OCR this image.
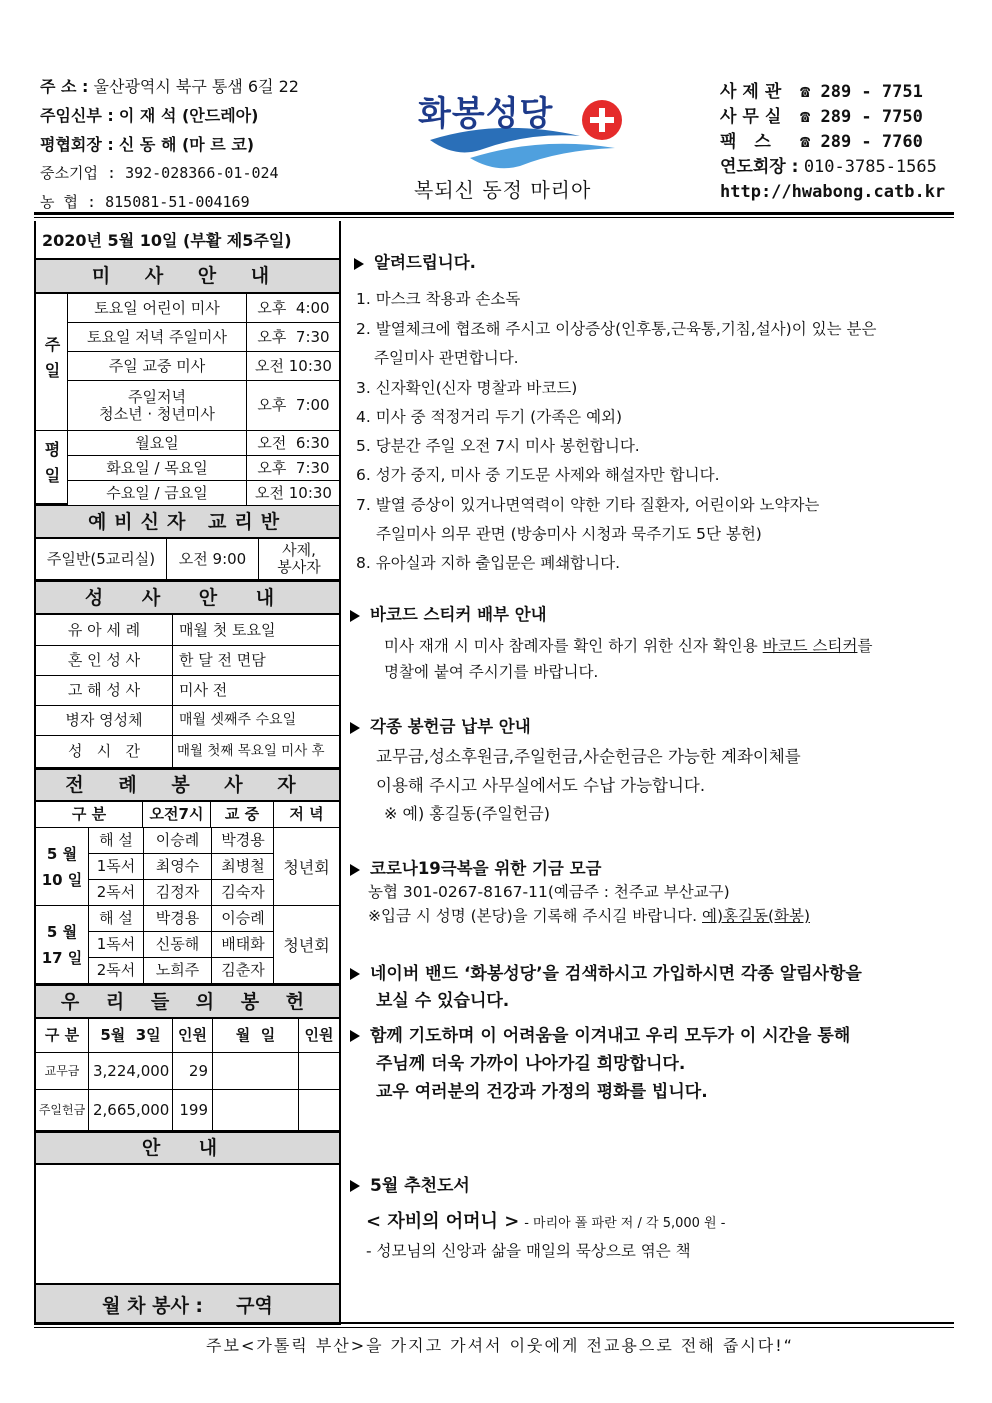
주 소 : 울산광역시 북구 통샘 6길 22
주임신부 : 이 재 석 (안드레아)
평협회장 : 신 동 해 (마 르 코)
중소기업 : 392-028366-01-024
농 협 : 815081-51-004169
화봉성당
복되신 동정 마리아
사제관 ☎ 289 - 7751
사무실 ☎ 289 - 7750
팩 스 ☎ 289 - 7760
연도회장 : 010-3785-1565
http://hwabong.catb.kr
2020년 5월 10일 (부활 제5주일)
미 사 안 내
주일
토요일 어린이 미사	오후  4:00
토요일 저녁 주일미사	오후  7:30
주일 교중 미사	오전 10:30
주일저녁
청소년 · 청년미사	오후  7:00
평일	월요일	오전  6:30
화요일 / 목요일	오후  7:30
수요일 / 금요일	오전 10:30
예비신자 교리반
주일반(5교리실)	오전 9:00	사제,
봉사자
성 사 안 내
유 아 세 례	매월 첫 토요일
혼 인 성 사	한 달 전 면담
고 해 성 사	미사 전
병자 영성체	매월 셋째주 수요일
성   시   간	매월 첫째 목요일 미사 후
전 례 봉 사 자
구 분	오전7시	교 중	저 녁
5 월
10 일
청년회
해 설	이승례	박경용
1독서	최영수	최병철
2독서	김정자	김숙자
5 월
17 일
청년회
해 설	박경용	이승례
1독서	신동해	배태화
2독서	노희주	김춘자
우 리 들 의 봉 헌
구 분	5월  3일	인원	월  일	인원
교무금 3,224,000	29
주일헌금 2,665,000 199
안 내
월 차 봉사 :     구역
알려드립니다.
1. 마스크 착용과 손소독
2. 발열체크에 협조해 주시고 이상증상(인후통,근육통,기침,설사)이 있는 분은
주일미사 관면합니다.
3. 신자확인(신자 명찰과 바코드)
4. 미사 중 적정거리 두기 (가족은 예외)
5. 당분간 주일 오전 7시 미사 봉헌합니다.
6. 성가 중지, 미사 중 기도문 사제와 해설자만 합니다.
7. 발열 증상이 있거나면역력이 약한 기타 질환자, 어린이와 노약자는
주일미사 의무 관면 (방송미사 시청과 묵주기도 5단 봉헌)
8. 유아실과 지하 출입문은 폐쇄합니다.
바코드 스티커 배부 안내
미사 재개 시 미사 참례자를 확인 하기 위한 신자 확인용 바코드 스티커를
명찰에 붙여 주시기를 바랍니다.
각종 봉헌금 납부 안내
교무금,성소후원금,주일헌금,사순헌금은 가능한 계좌이체를
이용해 주시고 사무실에서도 수납 가능합니다.
※ 예) 홍길동(주일헌금)
코로나19극복을 위한 기금 모금
농협 301-0267-8167-11(예금주 : 천주교 부산교구)
※입금 시 성명 (본당)을 기록해 주시길 바랍니다. 예)홍길동(화봉)
네이버 밴드 ‘화봉성당’을 검색하시고 가입하시면 각종 알림사항을
보실 수 있습니다.
함께 기도하며 이 어려움을 이겨내고 우리 모두가 이 시간을 통해
주님께 더욱 가까이 나아가길 희망합니다.
교우 여러분의 건강과 가정의 평화를 빕니다.
5월 추천도서
< 자비의 어머니 > - 마리아 폴 파란 저 / 각 5,000 원 -
- 성모님의 신앙과 삶을 매일의 묵상으로 엮은 책
주보<가톨릭 부산>을 가지고 가셔서 이웃에게 전교용으로 전해 줍시다!“
